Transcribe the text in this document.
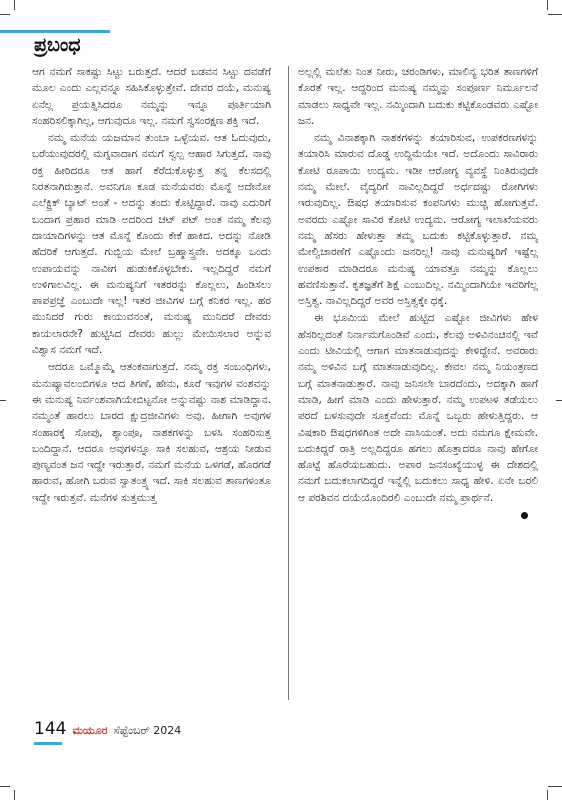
ಪ್ರಬಂಧ

ಆಗ ನಮಗೆ ಸಾಕಷ್ಟು ಸಿಟ್ಟು ಬರುತ್ತದೆ. ಆದರೆ ಬಡವನ ಸಿಟ್ಟು ದವಡೆಗೆ ಮೂಲ ಎಂದು ಎಲ್ಲವನ್ನೂ ಸಹಿಸಿಕೊಳ್ಳುತ್ತೇವೆ. ದೇವರ ದಯೆ, ಮನುಷ್ಯ ಏನೆಲ್ಲ ಪ್ರಯತ್ನಿಸಿದರೂ ನಮ್ಮನ್ನು ಇನ್ನೂ ಪೂರ್ತಿಯಾಗಿ ಸಂಹರಿಸಲಿಕ್ಕಾಗಿಲ್ಲ, ಆಗುವುದೂ ಇಲ್ಲ. ನಮಗೆ ಸ್ವಸಂರಕ್ಷಣ ಶಕ್ತಿ ಇದೆ.

ನಮ್ಮ ಮನೆಯ ಯಜಮಾನ ತುಂಬಾ ಒಳ್ಳೆಯವ. ಆತ ಓದುವುದು, ಬರೆಯುವುದರಲ್ಲಿ ಮಗ್ನವಾದಾಗ ನಮಗೆ ಸ್ವಲ್ಪ ಆಹಾರ ಸಿಗುತ್ತದೆ. ನಾವು ರಕ್ತ ಹೀರಿದರೂ ಆತ ಹಾಗೆ ಕೆರೆದುಕೊಳ್ಳುತ್ತ ತನ್ನ ಕೆಲಸದಲ್ಲಿ ನಿರತನಾಗಿರುತ್ತಾನೆ. ಅವನಿಗೂ ಕೂಡ ಮನೆಯವರು ಮೊನ್ನೆ ಅದೇನೋ ಎಲೆಕ್ಟ್ರಿಕ್ ಬ್ಯಾಟ್ ಅಂತೆ - ಅದನ್ನು ತಂದು ಕೊಟ್ಟಿದ್ದಾರೆ. ನಾವು ಎದುರಿಗೆ ಬಂದಾಗ ಪ್ರಹಾರ ಮಾಡಿ ಅದರಿಂದ ಚಟ್ ಪಟ್ ಅಂತ ನಮ್ಮ ಕೆಲವು ದಾಯಾದಿಗಳನ್ನು ಆತ ಮೊನ್ನೆ ಕೊಂದು ಕೇಕೆ ಹಾಕಿದ. ಅದನ್ನು ನೋಡಿ ಹೆದರಿಕೆ ಆಗುತ್ತದೆ. ಗುಬ್ಬಿಯ ಮೇಲೆ ಬ್ರಹ್ಮಾಸ್ತ್ರವೇ. ಅದಕ್ಕೂ ಒಂದು ಉಪಾಯವನ್ನು ನಾವೀಗ ಹುಡುಕಿಕೊಳ್ಳಬೇಕು. ಇಲ್ಲದಿದ್ದರೆ ನಮಗೆ ಉಳಿಗಾಲವಿಲ್ಲ. ಈ ಮನುಷ್ಯನಿಗೆ ಇತರರನ್ನು ಕೊಲ್ಲಲು, ಹಿಂಡಿಸಲು ಪಾಪಪ್ರಜ್ಞೆ ಎಂಬುದೇ ಇಲ್ಲ! ಇತರ ಜೀವಿಗಳ ಬಗ್ಗೆ ಕನಿಕರ ಇಲ್ಲ. ಹರ ಮುನಿದರೆ ಗುರು ಕಾಯುವನಂತೆ, ಮನುಷ್ಯ ಮುನಿದರೆ ದೇವರು ಕಾಯಲಾರನೇ? ಹುಟ್ಟಿಸಿದ ದೇವರು ಹುಲ್ಲು ಮೇಯಿಸಲಾರ ಅನ್ನುವ ವಿಶ್ವಾಸ ನಮಗೆ ಇದೆ.

ಆದರೂ ಒಮ್ಮೊಮ್ಮೆ ಆತಂಕವಾಗುತ್ತದೆ. ನಮ್ಮ ರಕ್ತ ಸಂಬಂಧಿಗಳು, ಮನುಷ್ಯಾವಲಂಬಿಗಳೂ ಆದ ತಿಗಣೆ, ಹೇನು, ಕೂರೆ ಇವುಗಳ ವಂಶವನ್ನು ಈ ಮನುಷ್ಯ ನಿರ್ವಂಶವಾಗಿಯೇಬಿಟ್ಟನೋ ಅನ್ನುವಷ್ಟು ನಾಶ ಮಾಡಿದ್ದಾನ. ನಮ್ಮಂತೆ ಹಾರಲು ಬಾರದ ಕ್ಷುದ್ರಜೀವಿಗಳು ಅವು. ಹೀಗಾಗಿ ಅವುಗಳ ಸಂಹಾರಕ್ಕೆ ಸೋಪು, ಶ್ಯಾಂಪೂ, ನಾಶಕಗಳನ್ನು ಬಳಸಿ ಸಂಹರಿಸುತ್ತ ಬಂದಿದ್ದಾನೆ. ಆದರೂ ಅವುಗಳನ್ನೂ ಸಾಕಿ ಸಲಹುವ, ಆಶ್ರಯ ನೀಡುವ ಪುಣ್ಯವಂತ ಜನ ಇದ್ದೇ ಇರುತ್ತಾರೆ. ನಮಗೆ ಮನೆಯ ಒಳಗಡೆ, ಹೊರಗಡೆ ಹಾರುವ, ಹೋಗಿ ಬರುವ ಸ್ವಾತಂತ್ರ್ಯ ಇದೆ. ಸಾಕಿ ಸಲಹುವ ತಾಣಗಳಂತೂ ಇದ್ದೇ ಇರುತ್ತವೆ. ಮನೆಗಳ ಸುತ್ತಮುತ್ತ

ಅಲ್ಲಲ್ಲಿ ಮಲೆತು ನಿಂತ ನೀರು, ಚರಂಡಿಗಳು, ಮಾಲಿನ್ಯ ಭರಿತ ತಾಣಗಳಿಗೆ ಕೊರತೆ ಇಲ್ಲ. ಆದ್ದರಿಂದ ಮನುಷ್ಯ ನಮ್ಮನ್ನು ಸಂಪೂರ್ಣ ನಿರ್ಮೂಲನೆ ಮಾಡಲು ಸಾಧ್ಯವೇ ಇಲ್ಲ. ನಮ್ಮಿಂದಾಗಿ ಬದುಕು ಕಟ್ಟಿಕೊಂಡವರು ಎಷ್ಟೋ ಜನ.

ನಮ್ಮ ವಿನಾಶಕ್ಕಾಗಿ ನಾಶಕಗಳನ್ನು ತಯಾರಿಸುವ, ಉಪಕರಣಗಳನ್ನು ತಯಾರಿಸಿ ಮಾರುವ ದೊಡ್ಡ ಉದ್ದಿಮೆಯೇ ಇದೆ. ಅದೊಂದು ಸಾವಿರಾರು ಕೋಟಿ ರೂಪಾಯಿ ಉದ್ಯಮ. ಇಡೀ ಆರೋಗ್ಯ ವ್ಯವಸ್ಥೆ ನಿಂತಿರುವುದೇ ನಮ್ಮ ಮೇಲೆ. ವೈದ್ಯರಿಗೆ ನಾವಿಲ್ಲದಿದ್ದರೆ ಅರ್ಧದಷ್ಟು ರೋಗಿಗಳು ಇರುವುದಿಲ್ಲ. ಔಷಧ ತಯಾರಿಸುವ ಕಂಪನಿಗಳು ಮುಚ್ಚಿ ಹೋಗುತ್ತವೆ. ಅವರದು ಎಷ್ಟೋ ಸಾವಿರ ಕೋಟಿ ಉದ್ಯಮ. ಆರೋಗ್ಯ ಇಲಾಖೆಯವರು ನಮ್ಮ ಹೆಸರು ಹೇಳುತ್ತಾ ತಮ್ಮ ಬದುಕು ಕಟ್ಟಿಕೊಳ್ಳುತ್ತಾರೆ. ನಮ್ಮ ಮೇಲ್ವಿಚಾರಣೆಗೆ ಎಷ್ಟೊಂದು ಜನರಿಲ್ಲ! ನಾವು ಮನುಷ್ಯರಿಗೆ ಇಷ್ಟೆಲ್ಲ ಉಪಕಾರ ಮಾಡಿದರೂ ಮನುಷ್ಯ ಯಾವತ್ತೂ ನಮ್ಮನ್ನು ಕೊಲ್ಲಲು ಹವಣಿಸುತ್ತಾನೆ. ಕೃತಜ್ಞತೆಗೆ ಶಿಕ್ಷೆ ಎಂಬುದಿಲ್ಲ. ನಮ್ಮಿಂದಾಗಿಯೇ ಇವರಿಗೆಲ್ಲ ಅಸ್ತಿತ್ವ. ನಾವಿಲ್ಲದಿದ್ದರೆ ಅವರ ಅಸ್ತಿತ್ವಕ್ಕೇ ಧಕ್ಕೆ.

ಈ ಭೂಮಿಯ ಮೇಲೆ ಹುಟ್ಟಿದ ಎಷ್ಟೋ ಜೀವಿಗಳು ಹೇಳ ಹೆಸರಿಲ್ಲದಂತೆ ನಿರ್ನಾಮಗೊಂಡಿವೆ ಎಂದು, ಕೆಲವು ಅಳಿವಿನಂಚಿನಲ್ಲಿ ಇವೆ ಎಂದು ಟೀವಿಯಲ್ಲಿ ಆಗಾಗ ಮಾತನಾಡುವುದನ್ನು ಕೇಳಿದ್ದೇನೆ. ಅವರಾರು ನಮ್ಮ ಅಳಿವಿನ ಬಗ್ಗೆ ಮಾತನಾಡುವುದಿಲ್ಲ. ಕೇವಲ ನಮ್ಮ ನಿಯಂತ್ರಣದ ಬಗ್ಗೆ ಮಾತನಾಡುತ್ತಾರೆ. ನಾವು ಜನಿಸಲೇ ಬಾರದೆಂದು, ಅದಕ್ಕಾಗಿ ಹಾಗೆ ಮಾಡಿ, ಹೀಗೆ ಮಾಡಿ ಎಂದು ಹೇಳುತ್ತಾರೆ. ನಮ್ಮ ಉಪಟಳ ತಡೆಯಲು ಪರದೆ ಬಳಸುವುದೇ ಸೂಕ್ತವೆಂದು ಮೊನ್ನೆ ಒಬ್ಬರು ಹೇಳುತ್ತಿದ್ದರು. ಆ ವಿಷಕಾರಿ ಔಷಧಗಳಿಗಿಂತ ಅದೇ ವಾಸಿಯಂತೆ. ಅದು ನಮಗೂ ಕ್ಷೇಮವೇ. ಬದುಕಿದ್ದರೆ ರಾತ್ರಿ ಅಲ್ಲದಿದ್ದರೂ ಹಗಲು ಹೊತ್ತಾದರೂ ನಾವು ಹೇಗೋ ಹೊಟ್ಟೆ ಹೊರೆಯಬಹುದು. ಅಪಾರ ಜನಸಂಖ್ಯೆಯುಳ್ಳ ಈ ದೇಶದಲ್ಲಿ ನಮಗೆ ಬದುಕಲಾಗದಿದ್ದರೆ ಇನ್ನೆಲ್ಲಿ ಬದುಕಲು ಸಾಧ್ಯ ಹೇಳಿ. ಏನೇ ಬರಲಿ ಆ ಪರಶಿವನ ದಯೆಯೊಂದಿರಲಿ ಎಂಬುದೇ ನಮ್ಮ ಪ್ರಾರ್ಥನೆ.

144 ಮಯೂರ ಸೆಪ್ಟೆಂಬರ್ 2024
